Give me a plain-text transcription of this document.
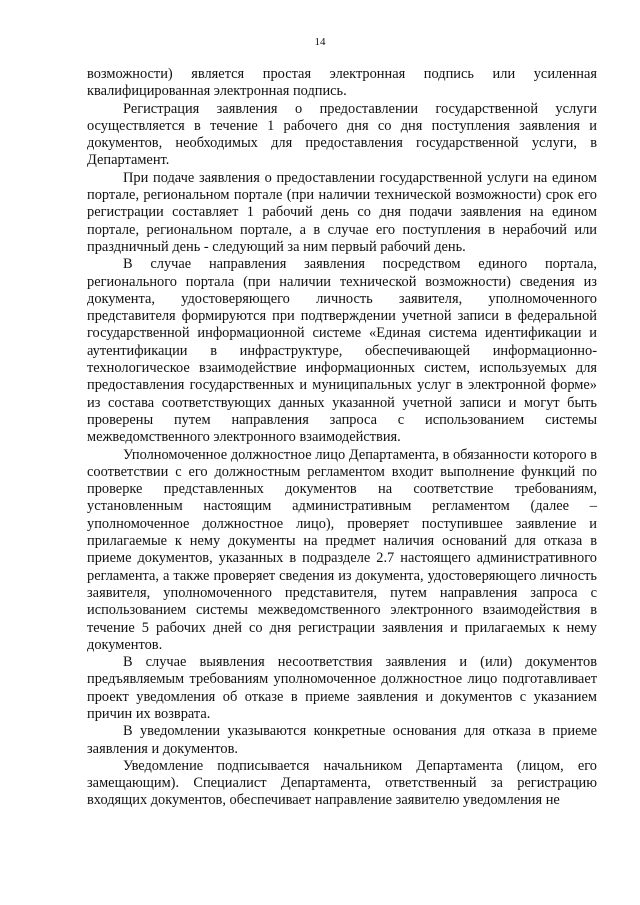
14

возможности) является простая электронная подпись или усиленная квалифицированная электронная подпись.

Регистрация заявления о предоставлении государственной услуги осуществляется в течение 1 рабочего дня со дня поступления заявления и документов, необходимых для предоставления государственной услуги, в Департамент.

При подаче заявления о предоставлении государственной услуги на едином портале, региональном портале (при наличии технической возможности) срок его регистрации составляет 1 рабочий день со дня подачи заявления на едином портале, региональном портале, а в случае его поступления в нерабочий или праздничный день - следующий за ним первый рабочий день.

В случае направления заявления посредством единого портала, регионального портала (при наличии технической возможности) сведения из документа, удостоверяющего личность заявителя, уполномоченного представителя формируются при подтверждении учетной записи в федеральной государственной информационной системе «Единая система идентификации и аутентификации в инфраструктуре, обеспечивающей информационно-технологическое взаимодействие информационных систем, используемых для предоставления государственных и муниципальных услуг в электронной форме» из состава соответствующих данных указанной учетной записи и могут быть проверены путем направления запроса с использованием системы межведомственного электронного взаимодействия.

Уполномоченное должностное лицо Департамента, в обязанности которого в соответствии с его должностным регламентом входит выполнение функций по проверке представленных документов на соответствие требованиям, установленным настоящим административным регламентом (далее – уполномоченное должностное лицо), проверяет поступившее заявление и прилагаемые к нему документы на предмет наличия оснований для отказа в приеме документов, указанных в подразделе 2.7 настоящего административного регламента, а также проверяет сведения из документа, удостоверяющего личность заявителя, уполномоченного представителя, путем направления запроса с использованием системы межведомственного электронного взаимодействия в течение 5 рабочих дней со дня регистрации заявления и прилагаемых к нему документов.

В случае выявления несоответствия заявления и (или) документов предъявляемым требованиям уполномоченное должностное лицо подготавливает проект уведомления об отказе в приеме заявления и документов с указанием причин их возврата.

В уведомлении указываются конкретные основания для отказа в приеме заявления и документов.

Уведомление подписывается начальником Департамента (лицом, его замещающим). Специалист Департамента, ответственный за регистрацию входящих документов, обеспечивает направление заявителю уведомления не
